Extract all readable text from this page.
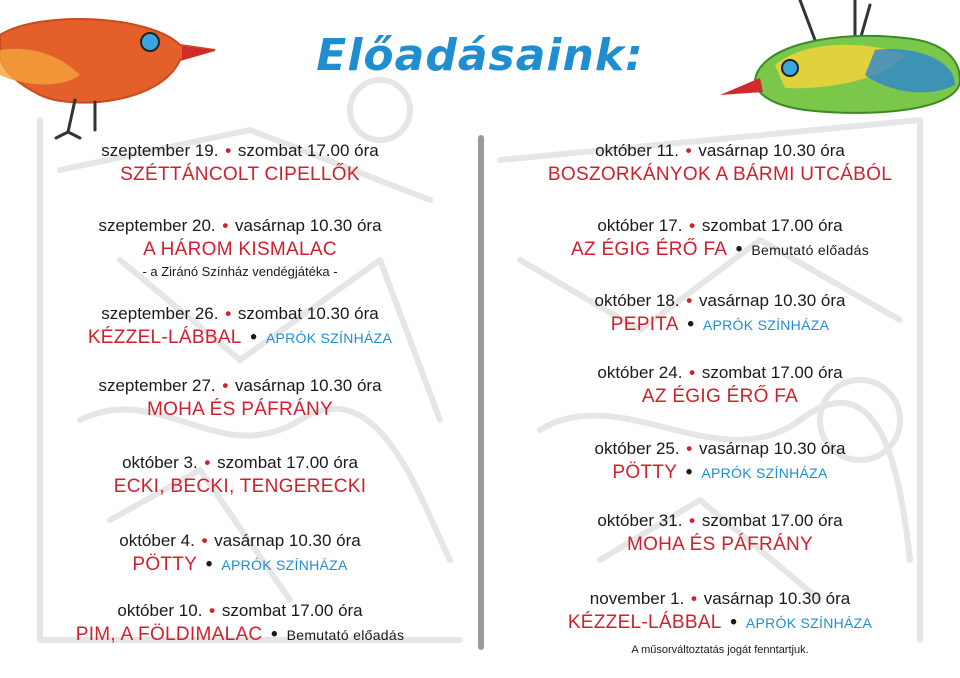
Előadásaink:
szeptember 19. • szombat 17.00 óra
SZÉTTÁNCOLT CIPELLŐK
szeptember 20. • vasárnap 10.30 óra
A HÁROM KISMALAC
- a Ziránó Színház vendégjátéka -
szeptember 26. • szombat 10.30 óra
KÉZZEL-LÁBBAL • APRÓK SZÍNHÁZA
szeptember 27. • vasárnap 10.30 óra
MOHA ÉS PÁFRÁNY
október 3. • szombat 17.00 óra
ECKI, BECKI, TENGERECKI
október 4. • vasárnap 10.30 óra
PÖTTY • APRÓK SZÍNHÁZA
október 10. • szombat 17.00 óra
PIM, A FÖLDIMALAC • Bemutató előadás
október 11. • vasárnap 10.30 óra
BOSZORKÁNYOK A BÁRMI UTCÁBÓL
október 17. • szombat 17.00 óra
AZ ÉGIG ÉRŐ FA • Bemutató előadás
október 18. • vasárnap 10.30 óra
PEPITA • APRÓK SZÍNHÁZA
október 24. • szombat 17.00 óra
AZ ÉGIG ÉRŐ FA
október 25. • vasárnap 10.30 óra
PÖTTY • APRÓK SZÍNHÁZA
október 31. • szombat 17.00 óra
MOHA ÉS PÁFRÁNY
november 1. • vasárnap 10.30 óra
KÉZZEL-LÁBBAL • APRÓK SZÍNHÁZA
A műsorváltoztatás jogát fenntartjuk.
